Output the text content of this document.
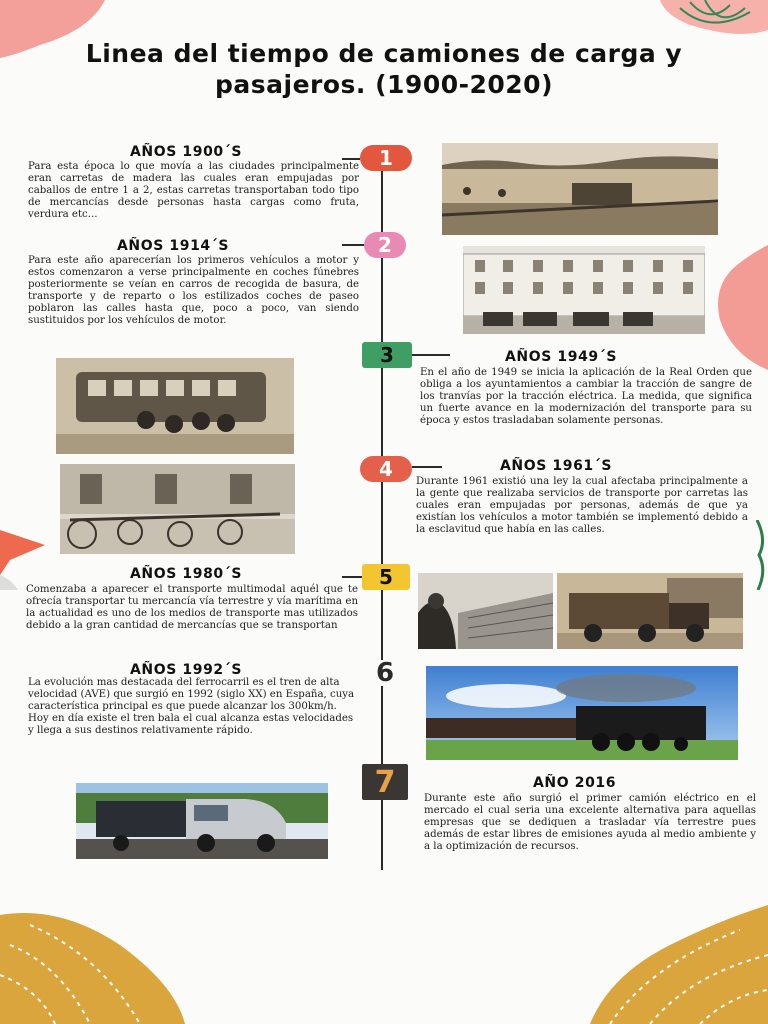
Linea del tiempo de camiones de carga y pasajeros. (1900-2020)
AÑOS 1900´S	1
Para esta época lo que movía a las ciudades principalmente eran carretas de madera las cuales eran empujadas por caballos de entre 1 a 2, estas carretas transportaban todo tipo de mercancías desde personas hasta cargas como fruta, verdura etc...
AÑOS 1914´S	2
Para este año aparecerían los primeros vehículos a motor y estos comenzaron a verse principalmente en coches fúnebres posteriormente se veían en carros de recogida de basura, de transporte y de reparto o los estilizados coches de paseo poblaron las calles hasta que, poco a poco, van siendo sustituidos por los vehículos de motor.
3	AÑOS 1949´S
En el año de 1949 se inicia la aplicación de la Real Orden que obliga a los ayuntamientos a cambiar la tracción de sangre de los tranvías por la tracción eléctrica. La medida, que significa un fuerte avance en la modernización del transporte para su época y estos trasladaban solamente personas.
4	AÑOS 1961´S
Durante 1961 existió una ley la cual afectaba principalmente a la gente que realizaba servicios de transporte por carretas las cuales eran empujadas por personas, además de que ya existían los vehículos a motor también se implementó debido a la esclavitud que había en las calles.
AÑOS 1980´S	5
Comenzaba a aparecer el transporte multimodal aquél que te ofrecía transportar tu mercancía vía terrestre y vía marítima en la actualidad es uno de los medios de transporte mas utilizados debido a la gran cantidad de mercancías que se transportan
AÑOS 1992´S	6
La evolución mas destacada del ferrocarril es el tren de alta velocidad (AVE) que surgió en 1992 (siglo XX) en España, cuya característica principal es que puede alcanzar los 300km/h.
Hoy en día existe el tren bala el cual alcanza estas velocidades y llega a sus destinos relativamente rápido.
7	AÑO 2016
Durante este año surgió el primer camión eléctrico en el mercado el cual seria una excelente alternativa para aquellas empresas que se dediquen a trasladar vía terrestre pues además de estar libres de emisiones ayuda al medio ambiente y a la optimización de recursos.
